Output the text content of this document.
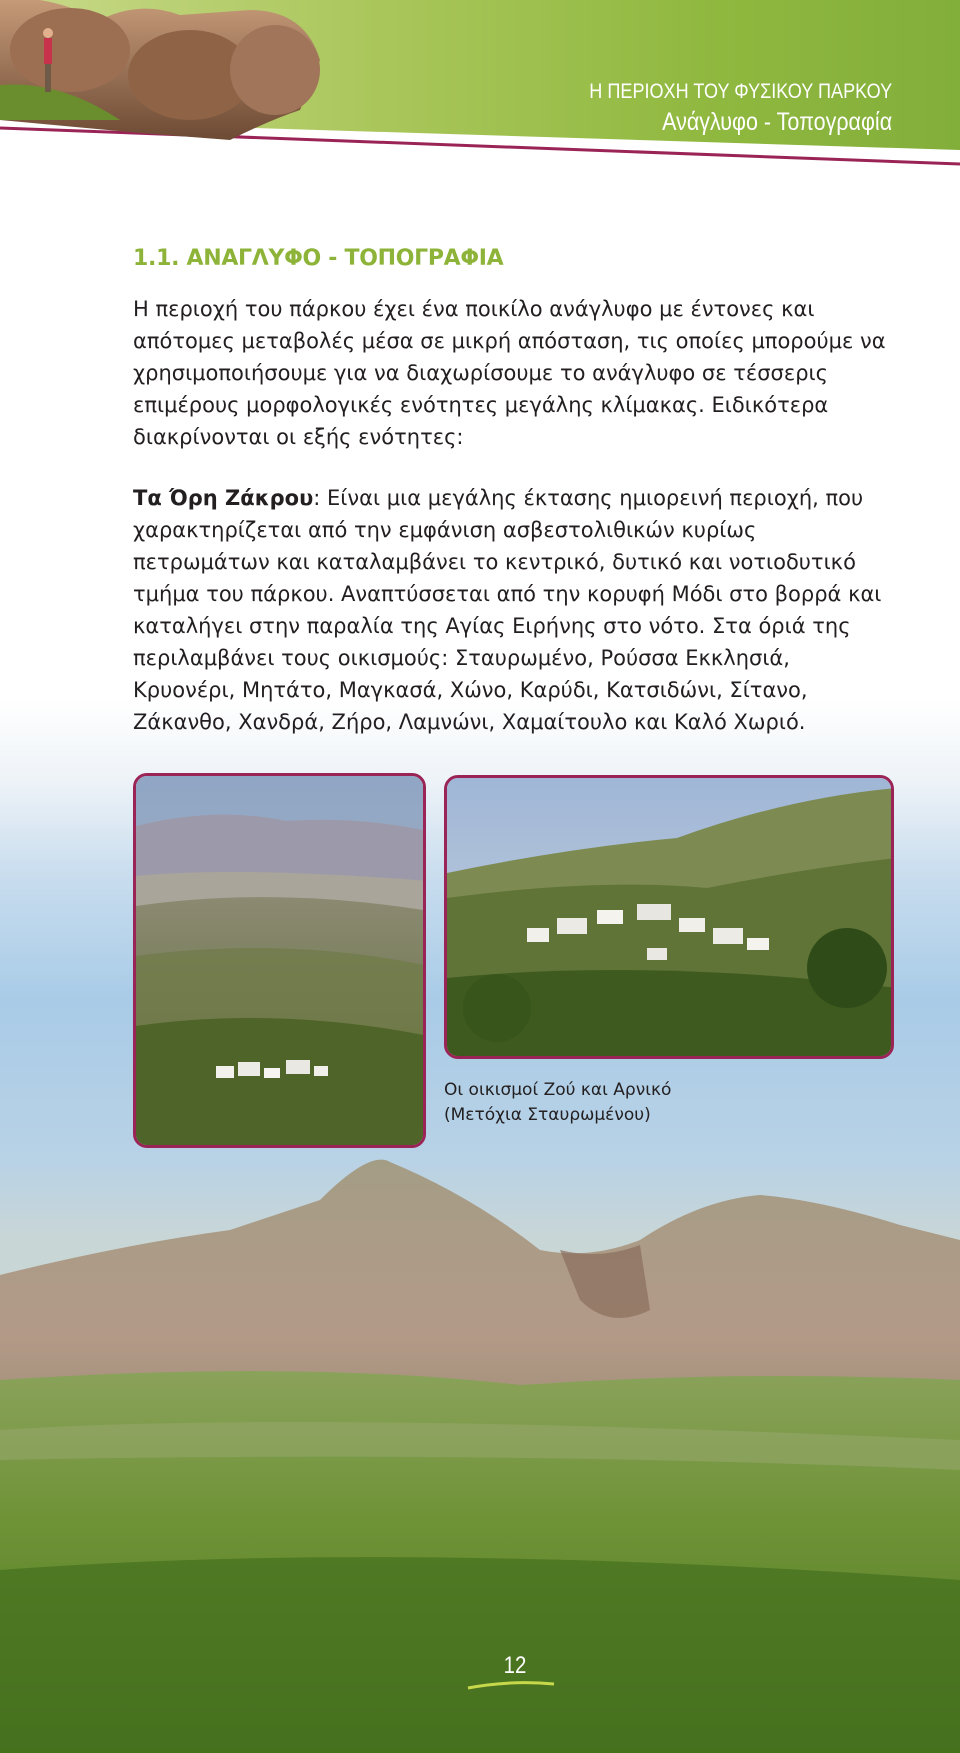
Η ΠΕΡΙΟΧΗ ΤΟΥ ΦΥΣΙΚΟΥ ΠΑΡΚΟΥ
Ανάγλυφο - Τοπογραφία
1.1. ΑΝΑΓΛΥΦΟ - ΤΟΠΟΓΡΑΦΙΑ

Η περιοχή του πάρκου έχει ένα ποικίλο ανάγλυφο με έντονες και απότομες μεταβολές μέσα σε μικρή απόσταση, τις οποίες μπορούμε να χρησιμοποιήσουμε για να διαχωρίσουμε το ανάγλυφο σε τέσσερις επιμέρους μορφολογικές ενότητες μεγάλης κλίμακας. Ειδικότερα διακρίνονται οι εξής ενότητες:

Τα Όρη Ζάκρου: Είναι μια μεγάλης έκτασης ημιορεινή περιοχή, που χαρακτηρίζεται από την εμφάνιση ασβεστολιθικών κυρίως πετρωμάτων και καταλαμβάνει το κεντρικό, δυτικό και νοτιοδυτικό τμήμα του πάρκου. Αναπτύσσεται από την κορυφή Μόδι στο βορρά και καταλήγει στην παραλία της Αγίας Ειρήνης στο νότο. Στα όριά της περιλαμβάνει τους οικισμούς: Σταυρωμένο, Ρούσσα Εκκλησιά, Κρυονέρι, Μητάτο, Μαγκασά, Χώνο, Καρύδι, Κατσιδώνι, Σίτανο, Ζάκανθο, Χανδρά, Ζήρο, Λαμνώνι, Χαμαίτουλο και Καλό Χωριό.

Οι οικισμοί Ζού και Αρνικό
(Μετόχια Σταυρωμένου)

12
